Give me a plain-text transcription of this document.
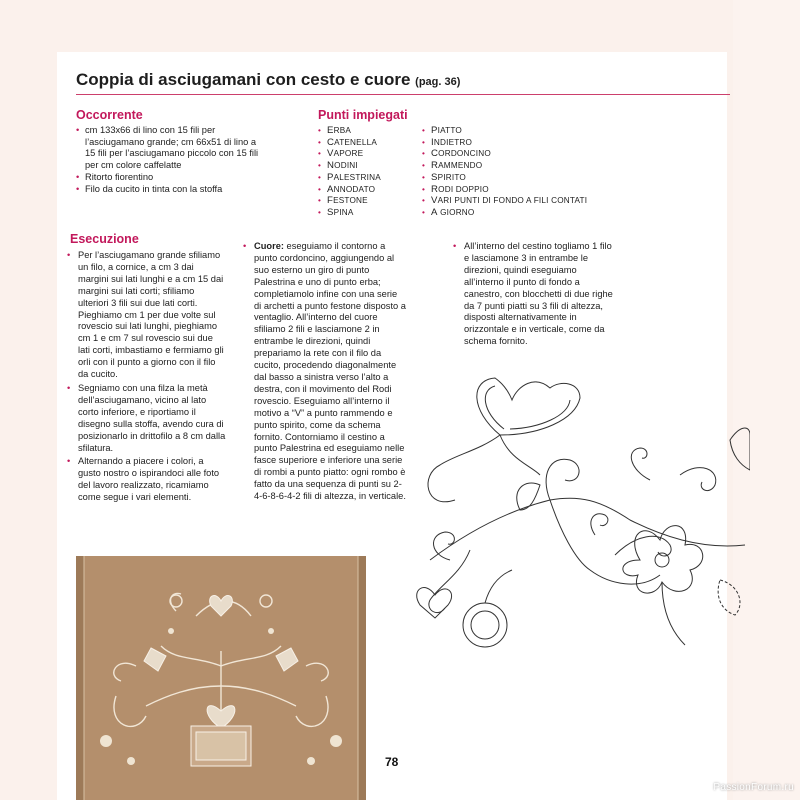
Coppia di asciugamani con cesto e cuore (pag. 36)
Occorrente
• cm 133x66 di lino con 15 fili per l’asciugamano grande; cm 66x51 di lino a 15 fili per l’asciugamano piccolo con 15 fili per cm colore caffelatte
• Ritorto fiorentino
• Filo da cucito in tinta con la stoffa
Punti impiegati
• ERBA
• CATENELLA
• VAPORE
• NODINI
• PALESTRINA
• ANNODATO
• FESTONE
• SPINA
• PIATTO
• INDIETRO
• CORDONCINO
• RAMMENDO
• SPIRITO
• RODI DOPPIO
• VARI PUNTI DI FONDO A FILI CONTATI
• A GIORNO
Esecuzione

• Per l’asciugamano grande sfiliamo un filo, a cornice, a cm 3 dai margini sui lati lunghi e a cm 15 dai margini sui lati corti; sfiliamo ulteriori 3 fili sui due lati corti. Pieghiamo cm 1 per due volte sul rovescio sui lati lunghi, pieghiamo cm 1 e cm 7 sul rovescio sui due lati corti, imbastiamo e fermiamo gli orli con il punto a giorno con il filo da cucito.

• Segniamo con una filza la metà dell’asciugamano, vicino al lato corto inferiore, e riportiamo il disegno sulla stoffa, avendo cura di posizionarlo in drittofilo a 8 cm dalla sfilatura.

• Alternando a piacere i colori, a gusto nostro o ispirandoci alle foto del lavoro realizzato, ricamiamo come segue i vari elementi.

• Cuore: eseguiamo il contorno a punto cordoncino, aggiungendo al suo esterno un giro di punto Palestrina e uno di punto erba; completiamolo infine con una serie di archetti a punto festone disposto a ventaglio. All’interno del cuore sfiliamo 2 fili e lasciamone 2 in entrambe le direzioni, quindi prepariamo la rete con il filo da cucito, procedendo diagonalmente dal basso a sinistra verso l’alto a destra, con il movimento del Rodi rovescio. Eseguiamo all’interno il motivo a “V” a punto rammendo e punto spirito, come da schema fornito. Contorniamo il cestino a punto Palestrina ed eseguiamo nelle fasce superiore e inferiore una serie di rombi a punto piatto: ogni rombo è fatto da una sequenza di punti su 2-4-6-8-6-4-2 fili di altezza, in verticale.

• All’interno del cestino togliamo 1 filo e lasciamone 3 in entrambe le direzioni, quindi eseguiamo all’interno il punto di fondo a canestro, con blocchetti di due righe da 7 punti piatti su 3 fili di altezza, disposti alternativamente in orizzontale e in verticale, come da schema fornito.

78
PassionForum.ru
